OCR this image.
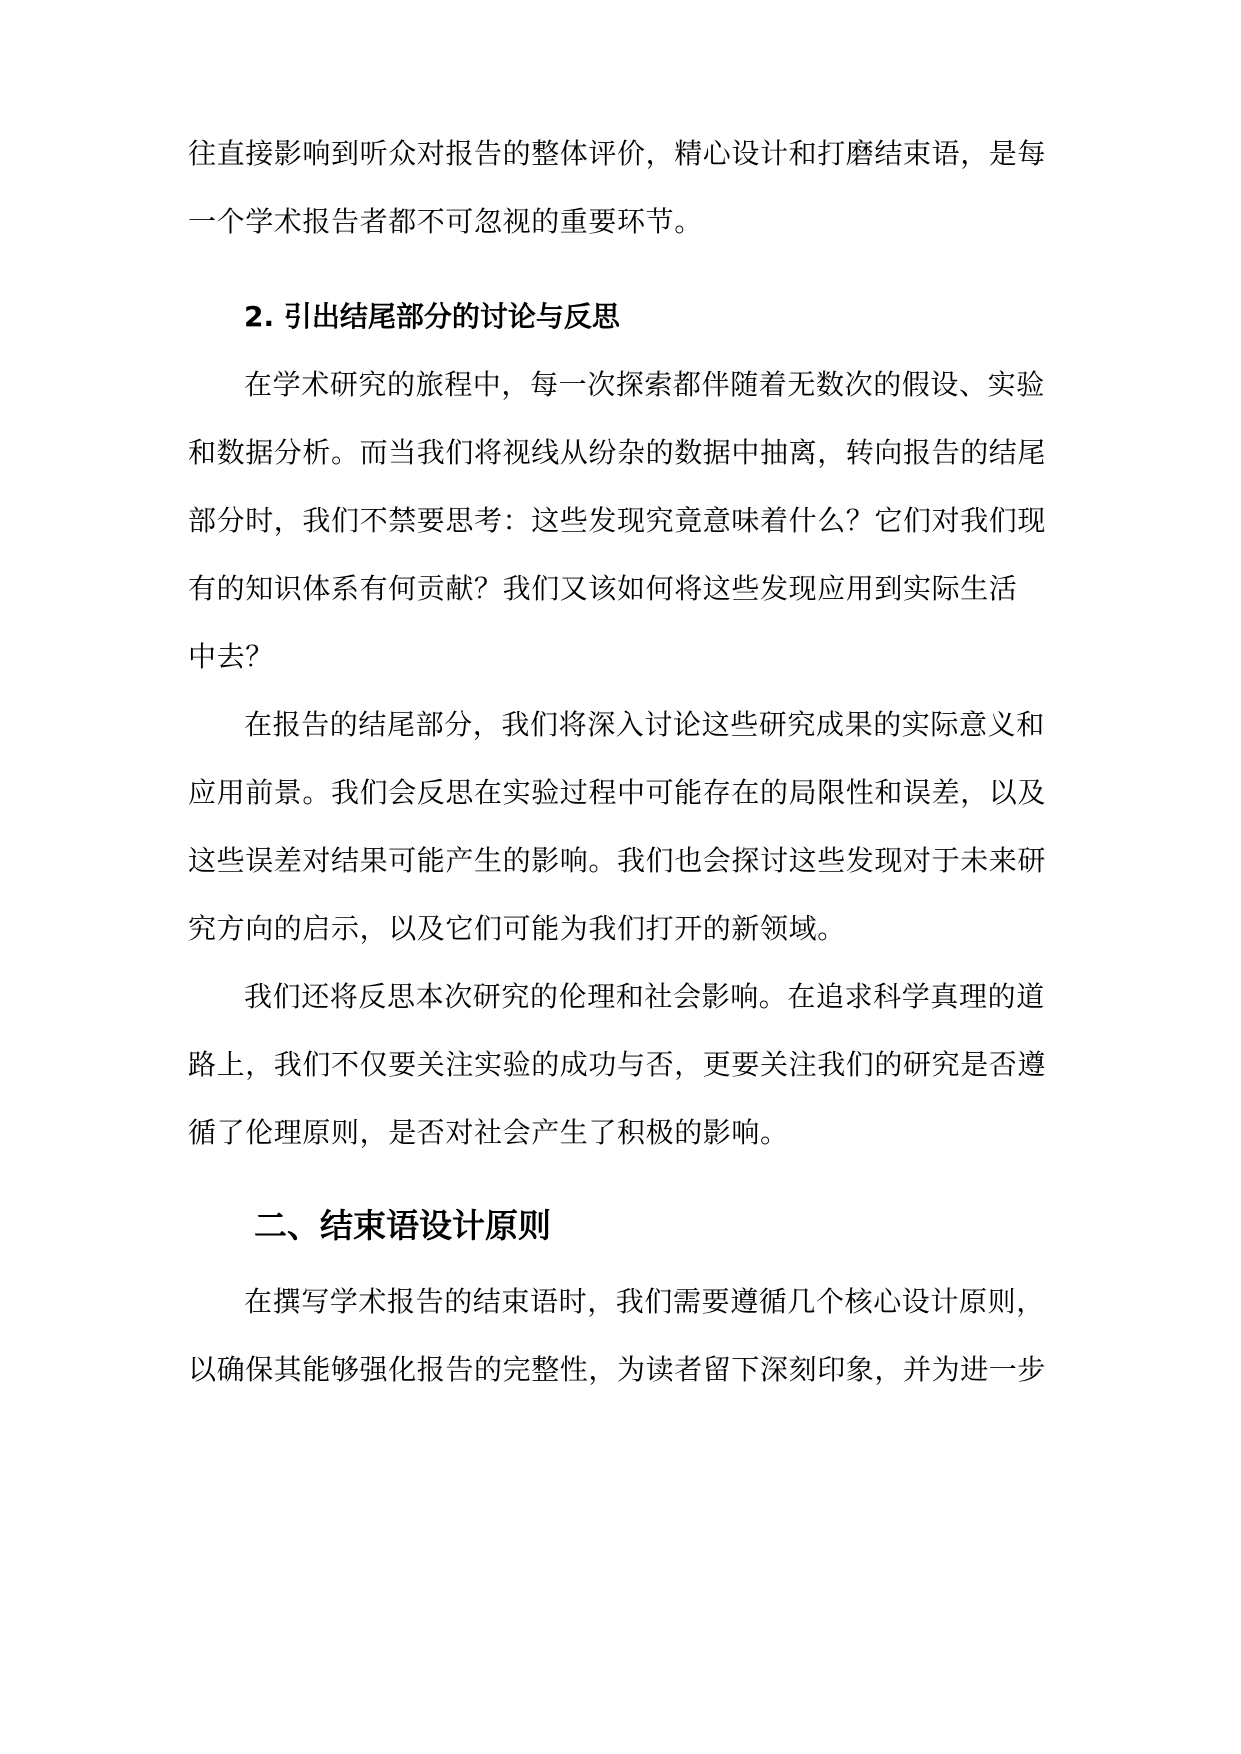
往直接影响到听众对报告的整体评价，精心设计和打磨结束语，是每
一个学术报告者都不可忽视的重要环节。
2. 引出结尾部分的讨论与反思
在学术研究的旅程中，每一次探索都伴随着无数次的假设、实验
和数据分析。而当我们将视线从纷杂的数据中抽离，转向报告的结尾
部分时，我们不禁要思考：这些发现究竟意味着什么？它们对我们现
有的知识体系有何贡献？我们又该如何将这些发现应用到实际生活
中去？
在报告的结尾部分，我们将深入讨论这些研究成果的实际意义和
应用前景。我们会反思在实验过程中可能存在的局限性和误差，以及
这些误差对结果可能产生的影响。我们也会探讨这些发现对于未来研
究方向的启示，以及它们可能为我们打开的新领域。
我们还将反思本次研究的伦理和社会影响。在追求科学真理的道
路上，我们不仅要关注实验的成功与否，更要关注我们的研究是否遵
循了伦理原则，是否对社会产生了积极的影响。
二、结束语设计原则
在撰写学术报告的结束语时，我们需要遵循几个核心设计原则，
以确保其能够强化报告的完整性，为读者留下深刻印象，并为进一步
